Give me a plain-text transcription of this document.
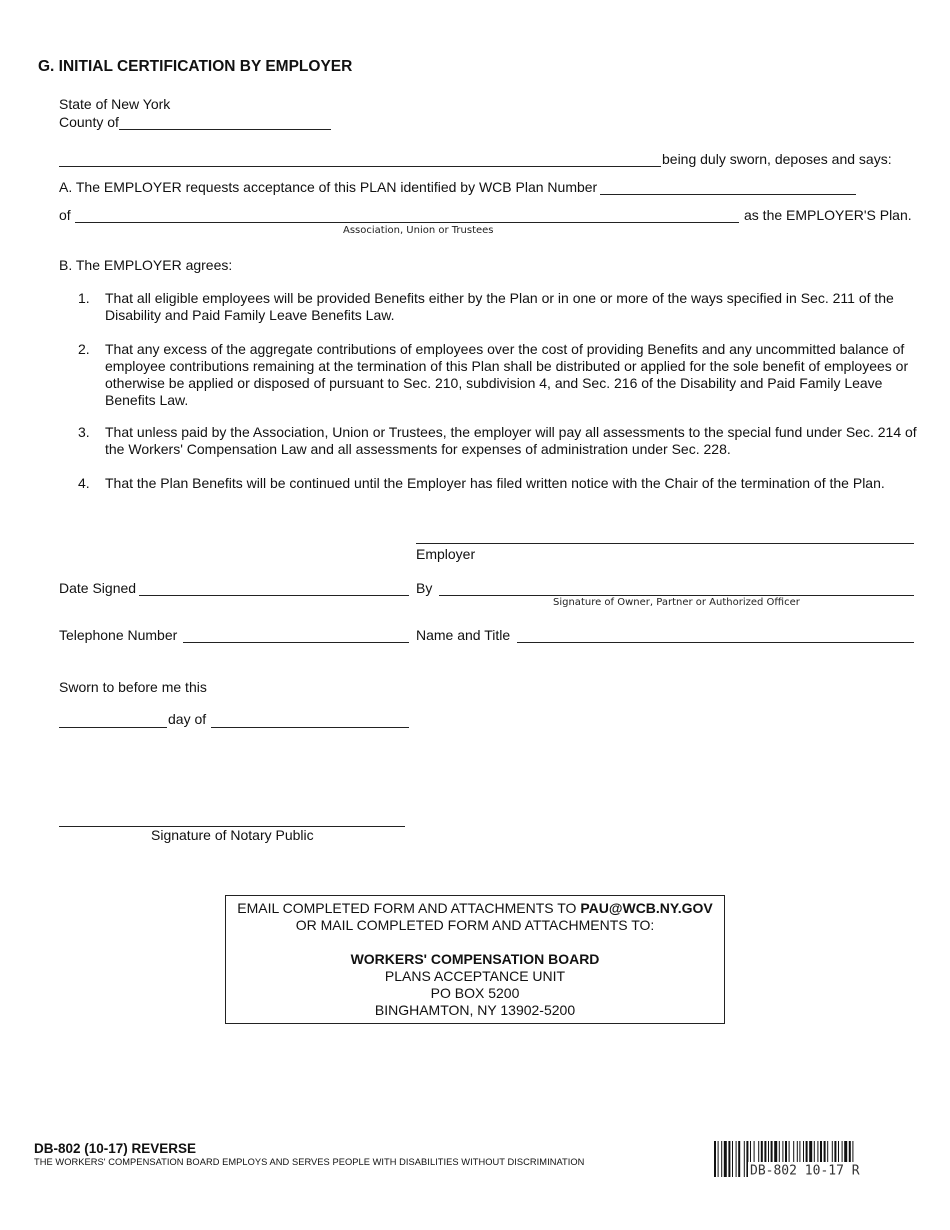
G. INITIAL CERTIFICATION BY EMPLOYER
State of New York
County of
being duly sworn, deposes and says:
A. The EMPLOYER requests acceptance of this PLAN identified by WCB Plan Number
of	as the EMPLOYER'S Plan.
Association, Union or Trustees
B. The EMPLOYER agrees:
1.	That all eligible employees will be provided Benefits either by the Plan or in one or more of the ways specified in Sec. 211 of the Disability and Paid Family Leave Benefits Law.
2.	That any excess of the aggregate contributions of employees over the cost of providing Benefits and any uncommitted balance of employee contributions remaining at the termination of this Plan shall be distributed or applied for the sole benefit of employees or otherwise be applied or disposed of pursuant to Sec. 210, subdivision 4, and Sec. 216 of the Disability and Paid Family Leave Benefits Law.
3.	That unless paid by the Association, Union or Trustees, the employer will pay all assessments to the special fund under Sec. 214 of the Workers' Compensation Law and all assessments for expenses of administration under Sec. 228.
4.	That the Plan Benefits will be continued until the Employer has filed written notice with the Chair of the termination of the Plan.
Employer
Date Signed	By
Signature of Owner, Partner or Authorized Officer
Telephone Number	Name and Title
Sworn to before me this
day of
Signature of Notary Public
EMAIL COMPLETED FORM AND ATTACHMENTS TO PAU@WCB.NY.GOV
OR MAIL COMPLETED FORM AND ATTACHMENTS TO:
WORKERS' COMPENSATION BOARD
PLANS ACCEPTANCE UNIT
PO BOX 5200
BINGHAMTON, NY 13902-5200
DB-802 (10-17) REVERSE
THE WORKERS' COMPENSATION BOARD EMPLOYS AND SERVES PEOPLE WITH DISABILITIES WITHOUT DISCRIMINATION
DB-802 10-17 R
